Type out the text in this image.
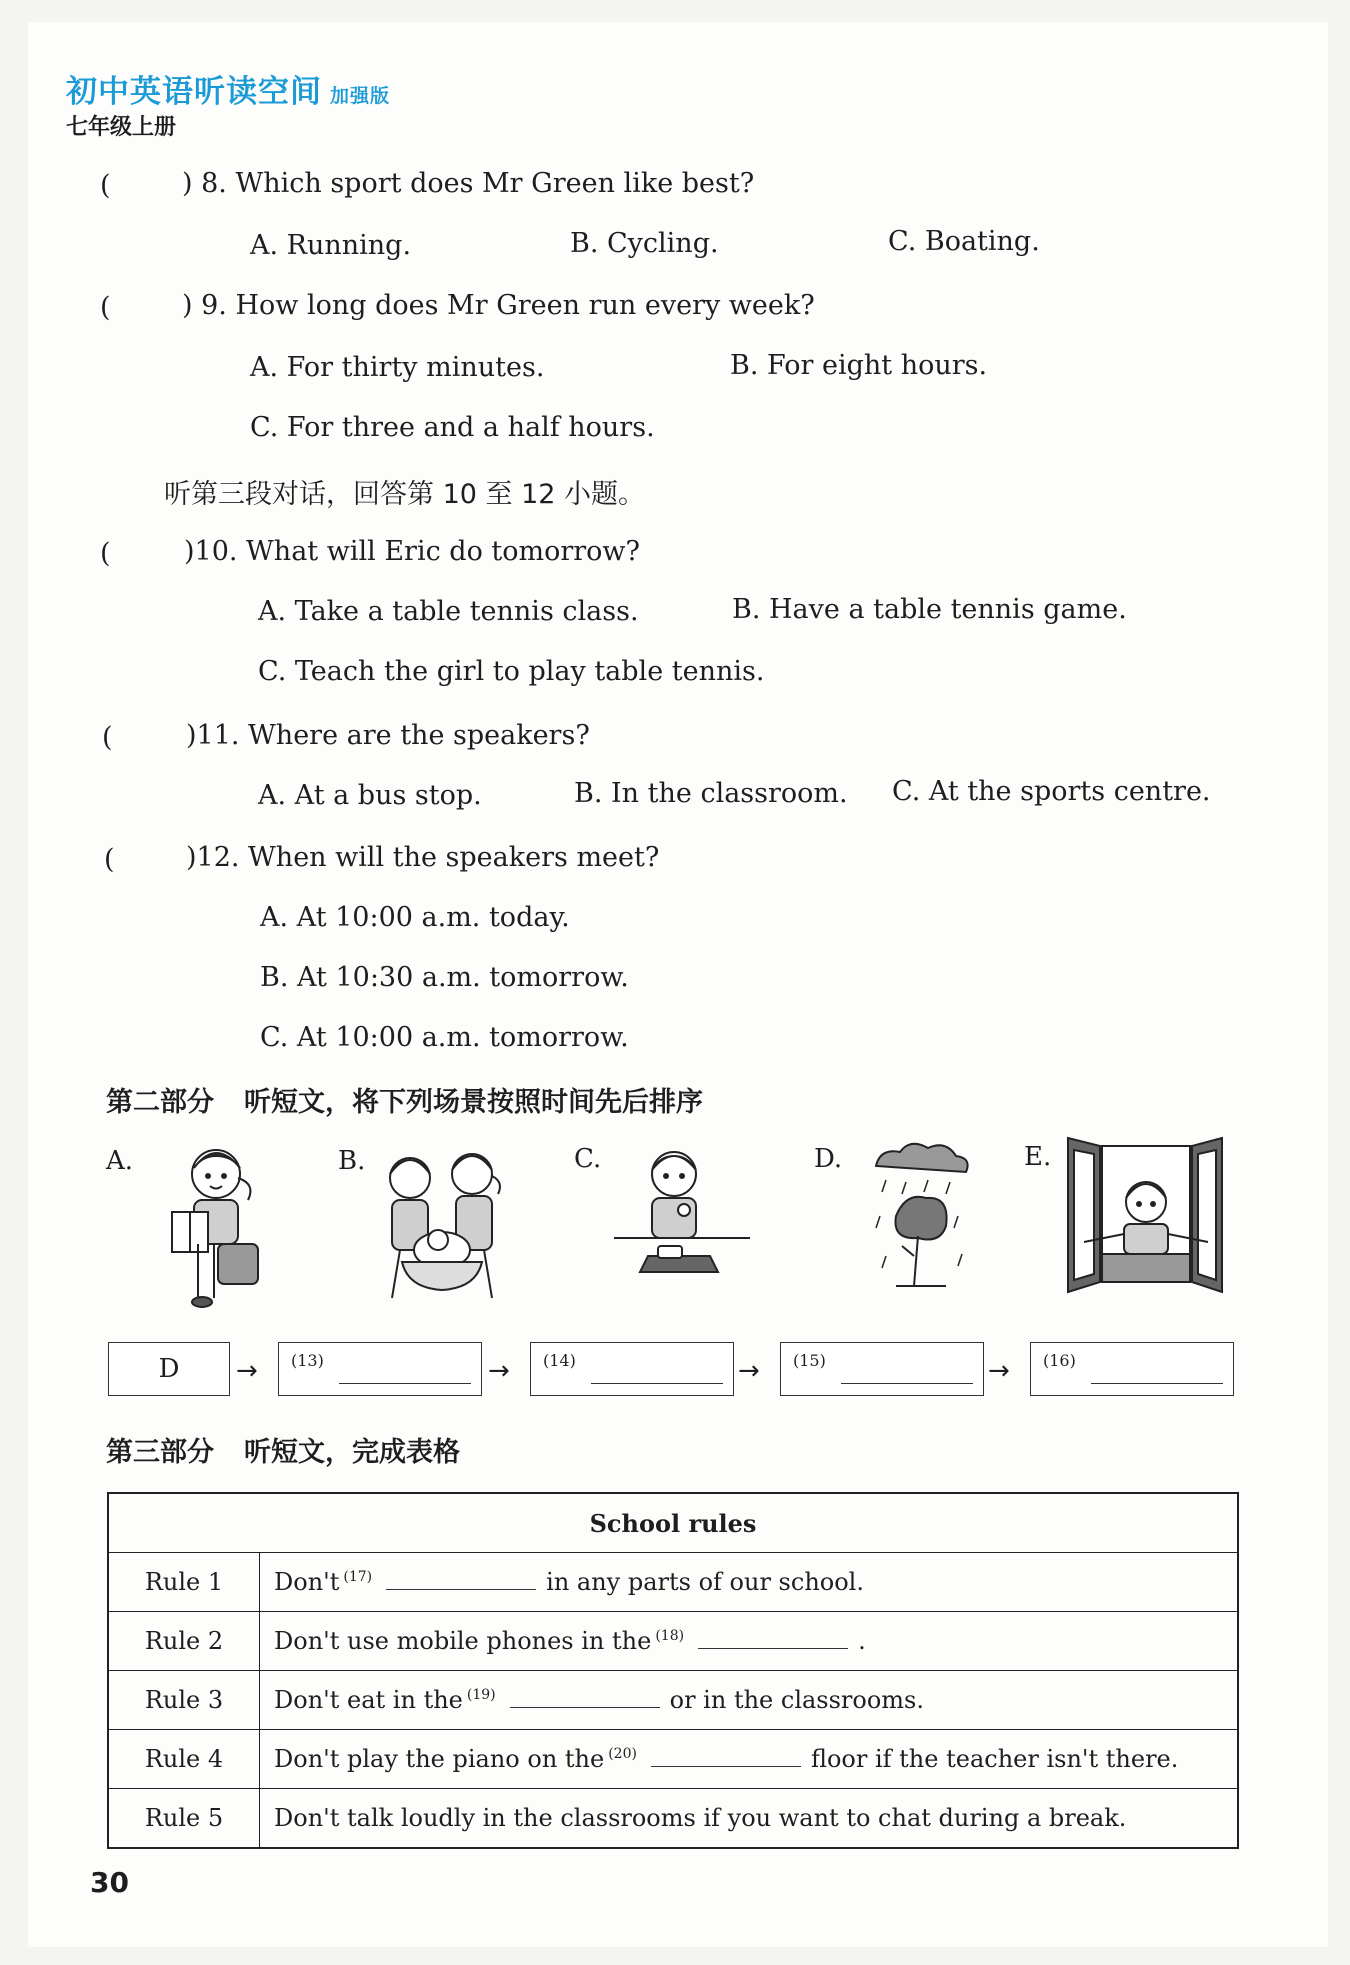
初中英语听读空间 加强版
七年级上册
(	) 8. Which sport does Mr Green like best?
A. Running.	B. Cycling.	C. Boating.
(	) 9. How long does Mr Green run every week?
A. For thirty minutes.	B. For eight hours.
C. For three and a half hours.
听第三段对话，回答第 10 至 12 小题。
(	)10. What will Eric do tomorrow?
A. Take a table tennis class.	B. Have a table tennis game.
C. Teach the girl to play table tennis.
(	)11. Where are the speakers?
A. At a bus stop.	B. In the classroom. C. At the sports centre.
(	)12. When will the speakers meet?
A. At 10:00 a.m. today.
B. At 10:30 a.m. tomorrow.
C. At 10:00 a.m. tomorrow.
第二部分 听短文，将下列场景按照时间先后排序
A.	B.	C.	D.	E.
D	→ (13)	→ (14)	→ (15)	→ (16)
第三部分 听短文，完成表格
School rules	
Rule 1	Don't $^{(17)}$ in any parts of our school.
Rule 2	Don't use mobile phones in the $^{(18)}$ .
Rule 3	Don't eat in the $^{(19)}$ or in the classrooms.
Rule 4	Don't play the piano on the $^{(20)}$ floor if the teacher isn't there.
Rule 5	Don't talk loudly in the classrooms if you want to chat during a break.
30
